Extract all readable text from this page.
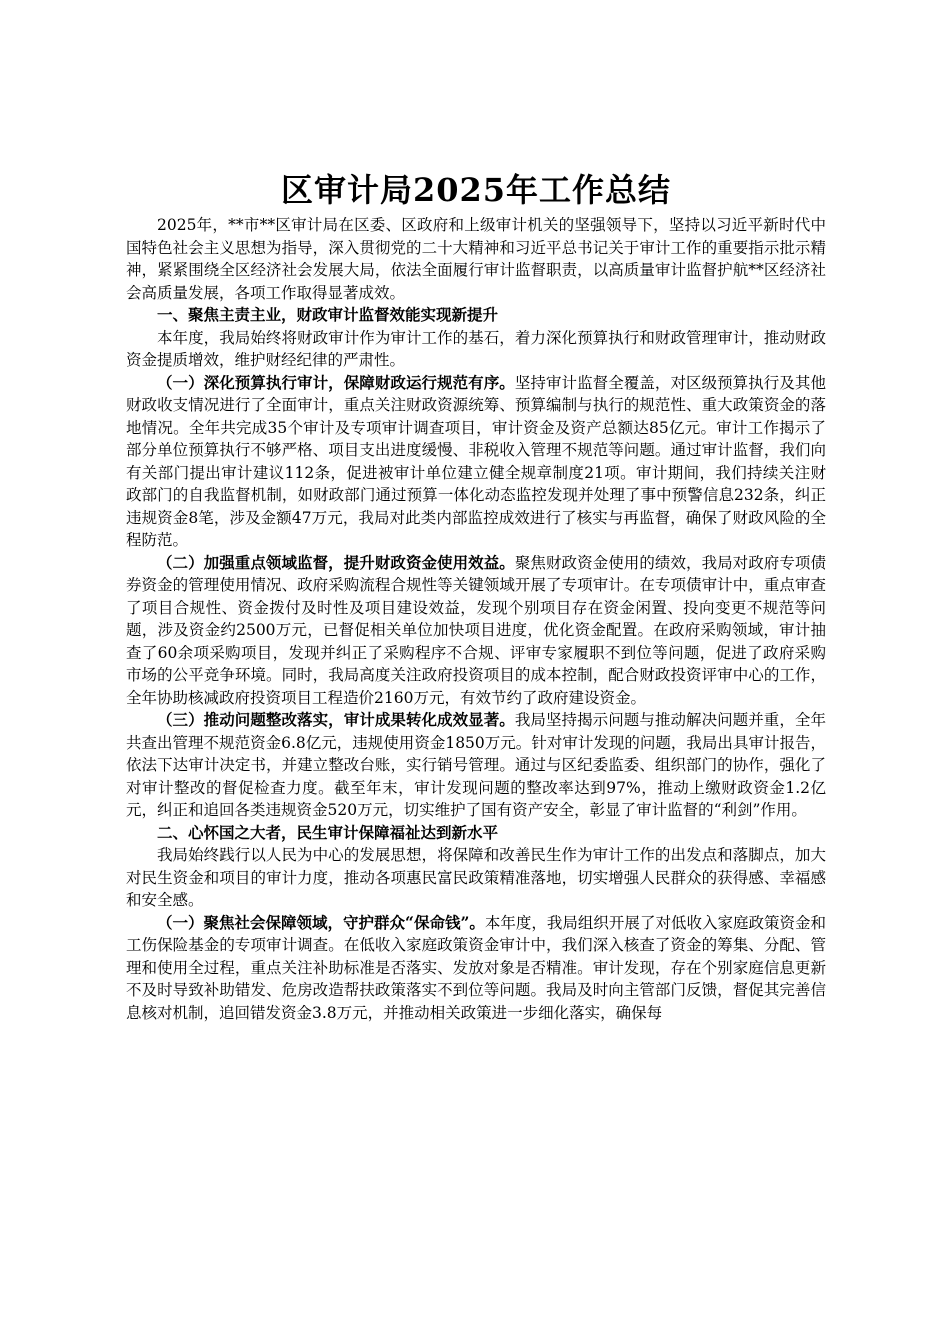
区审计局2025年工作总结

2025年，**市**区审计局在区委、区政府和上级审计机关的坚强领导下，坚持以习近平新时代中国特色社会主义思想为指导，深入贯彻党的二十大精神和习近平总书记关于审计工作的重要指示批示精神，紧紧围绕全区经济社会发展大局，依法全面履行审计监督职责，以高质量审计监督护航**区经济社会高质量发展，各项工作取得显著成效。

一、聚焦主责主业，财政审计监督效能实现新提升

本年度，我局始终将财政审计作为审计工作的基石，着力深化预算执行和财政管理审计，推动财政资金提质增效，维护财经纪律的严肃性。

（一）深化预算执行审计，保障财政运行规范有序。坚持审计监督全覆盖，对区级预算执行及其他财政收支情况进行了全面审计，重点关注财政资源统筹、预算编制与执行的规范性、重大政策资金的落地情况。全年共完成35个审计及专项审计调查项目，审计资金及资产总额达85亿元。审计工作揭示了部分单位预算执行不够严格、项目支出进度缓慢、非税收入管理不规范等问题。通过审计监督，我们向有关部门提出审计建议112条，促进被审计单位建立健全规章制度21项。审计期间，我们持续关注财政部门的自我监督机制，如财政部门通过预算一体化动态监控发现并处理了事中预警信息232条，纠正违规资金8笔，涉及金额47万元，我局对此类内部监控成效进行了核实与再监督，确保了财政风险的全程防范。

（二）加强重点领域监督，提升财政资金使用效益。聚焦财政资金使用的绩效，我局对政府专项债券资金的管理使用情况、政府采购流程合规性等关键领域开展了专项审计。在专项债审计中，重点审查了项目合规性、资金拨付及时性及项目建设效益，发现个别项目存在资金闲置、投向变更不规范等问题，涉及资金约2500万元，已督促相关单位加快项目进度，优化资金配置。在政府采购领域，审计抽查了60余项采购项目，发现并纠正了采购程序不合规、评审专家履职不到位等问题，促进了政府采购市场的公平竞争环境。同时，我局高度关注政府投资项目的成本控制，配合财政投资评审中心的工作，全年协助核减政府投资项目工程造价2160万元，有效节约了政府建设资金。

（三）推动问题整改落实，审计成果转化成效显著。我局坚持揭示问题与推动解决问题并重，全年共查出管理不规范资金6.8亿元，违规使用资金1850万元。针对审计发现的问题，我局出具审计报告，依法下达审计决定书，并建立整改台账，实行销号管理。通过与区纪委监委、组织部门的协作，强化了对审计整改的督促检查力度。截至年末，审计发现问题的整改率达到97%，推动上缴财政资金1.2亿元，纠正和追回各类违规资金520万元，切实维护了国有资产安全，彰显了审计监督的“利剑”作用。

二、心怀国之大者，民生审计保障福祉达到新水平

我局始终践行以人民为中心的发展思想，将保障和改善民生作为审计工作的出发点和落脚点，加大对民生资金和项目的审计力度，推动各项惠民富民政策精准落地，切实增强人民群众的获得感、幸福感和安全感。

（一）聚焦社会保障领域，守护群众“保命钱”。本年度，我局组织开展了对低收入家庭政策资金和工伤保险基金的专项审计调查。在低收入家庭政策资金审计中，我们深入核查了资金的筹集、分配、管理和使用全过程，重点关注补助标准是否落实、发放对象是否精准。审计发现，存在个别家庭信息更新不及时导致补助错发、危房改造帮扶政策落实不到位等问题。我局及时向主管部门反馈，督促其完善信息核对机制，追回错发资金3.8万元，并推动相关政策进一步细化落实，确保每
